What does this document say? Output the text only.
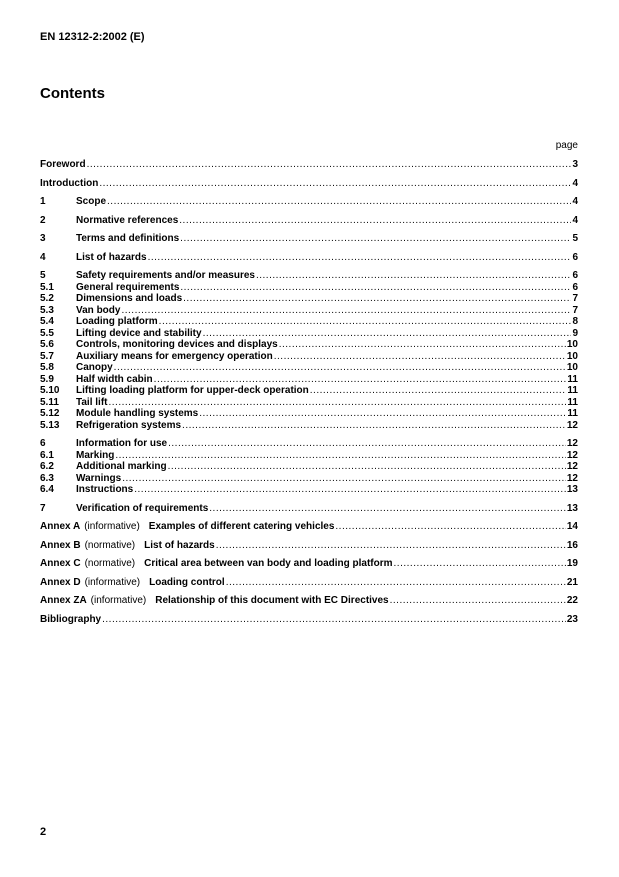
EN 12312-2:2002 (E)
Contents
page
Foreword .....	3
Introduction .....	4
1	Scope .....	4
2	Normative references .....	4
3	Terms and definitions .....	5
4	List of hazards .....	6
5	Safety requirements and/or measures .....	6
5.1	General requirements .....	6
5.2	Dimensions and loads .....	7
5.3	Van body .....	7
5.4	Loading platform .....	8
5.5	Lifting device and stability .....	9
5.6	Controls, monitoring devices and displays .....	10
5.7	Auxiliary means for emergency operation .....	10
5.8	Canopy .....	10
5.9	Half width cabin .....	11
5.10	Lifting loading platform for upper-deck operation .....	11
5.11	Tail lift .....	11
5.12	Module handling systems .....	11
5.13	Refrigeration systems .....	12
6	Information for use .....	12
6.1	Marking .....	12
6.2	Additional marking .....	12
6.3	Warnings .....	12
6.4	Instructions .....	13
7	Verification of requirements .....	13
Annex A (informative) Examples of different catering vehicles .....	14
Annex B (normative) List of hazards .....	16
Annex C (normative) Critical area between van body and loading platform .....	19
Annex D (informative) Loading control .....	21
Annex ZA (informative) Relationship of this document with EC Directives .....	22
Bibliography .....	23
2
